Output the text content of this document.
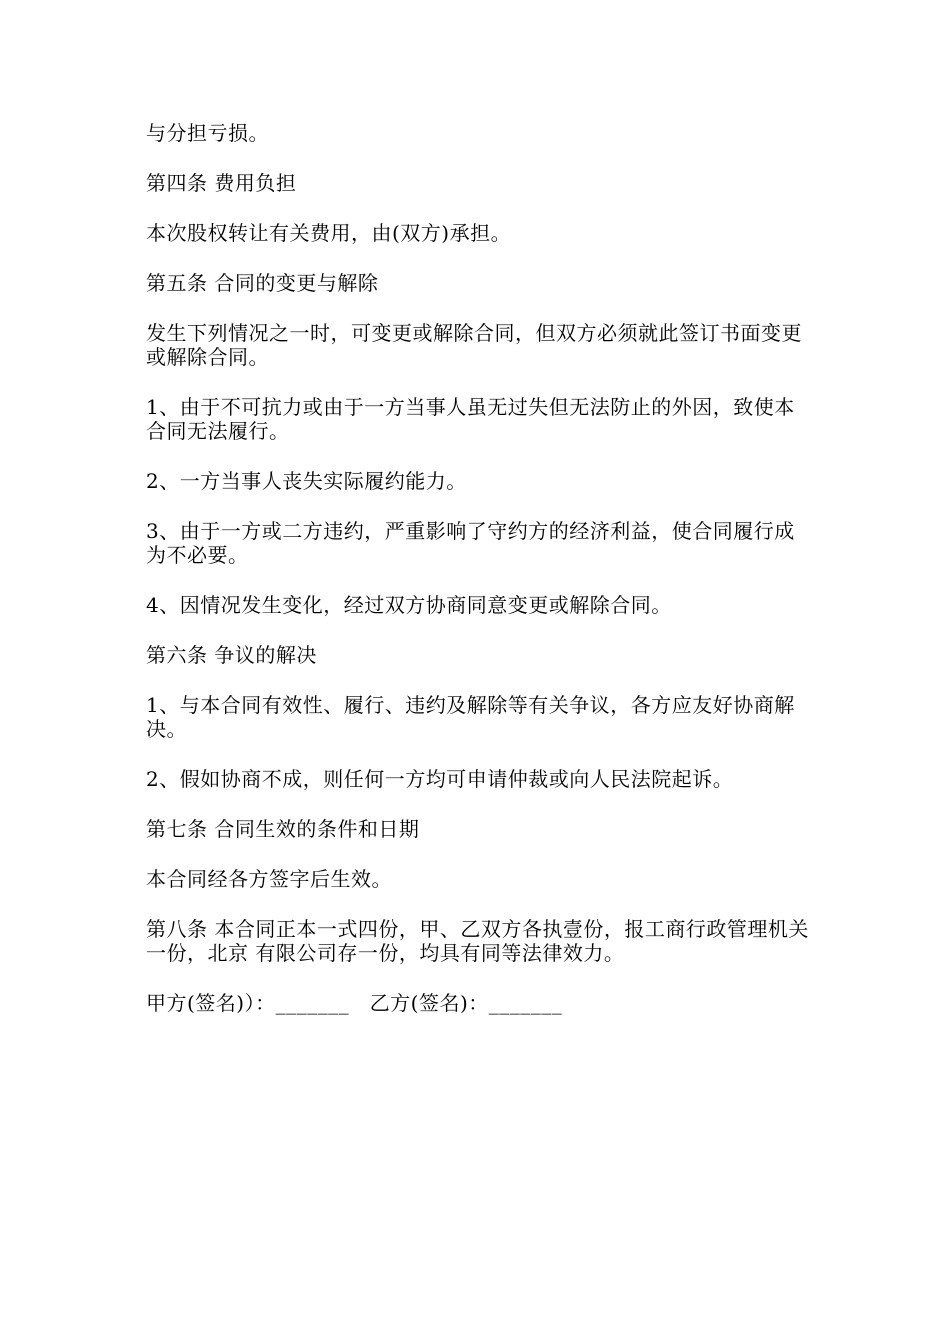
与分担亏损。

第四条 费用负担

本次股权转让有关费用，由(双方)承担。

第五条 合同的变更与解除

发生下列情况之一时，可变更或解除合同，但双方必须就此签订书面变更或解除合同。

1、由于不可抗力或由于一方当事人虽无过失但无法防止的外因，致使本合同无法履行。

2、一方当事人丧失实际履约能力。

3、由于一方或二方违约，严重影响了守约方的经济利益，使合同履行成为不必要。

4、因情况发生变化，经过双方协商同意变更或解除合同。

第六条 争议的解决

1、与本合同有效性、履行、违约及解除等有关争议，各方应友好协商解决。

2、假如协商不成，则任何一方均可申请仲裁或向人民法院起诉。

第七条 合同生效的条件和日期

本合同经各方签字后生效。

第八条 本合同正本一式四份，甲、乙双方各执壹份，报工商行政管理机关一份，北京 有限公司存一份，均具有同等法律效力。

甲方(签名)）：_______ 乙方(签名)：_______
